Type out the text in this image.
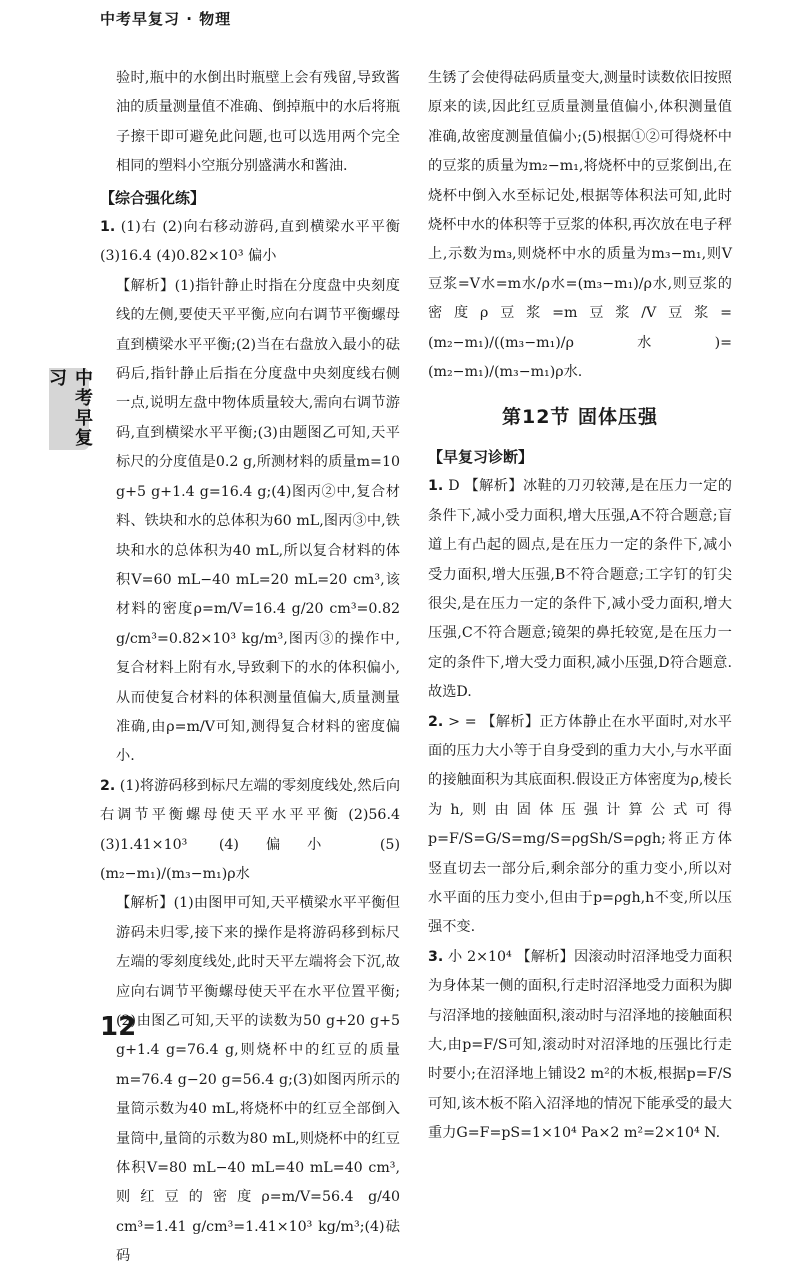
中考早复习 · 物理
中考早复习

验时,瓶中的水倒出时瓶壁上会有残留,导致酱油的质量测量值不准确、倒掉瓶中的水后将瓶子擦干即可避免此问题,也可以选用两个完全相同的塑料小空瓶分别盛满水和酱油.

【综合强化练】

1. (1)右 (2)向右移动游码,直到横梁水平平衡 (3)16.4 (4)0.82×10³ 偏小

【解析】(1)指针静止时指在分度盘中央刻度线的左侧,要使天平平衡,应向右调节平衡螺母直到横梁水平平衡;(2)当在右盘放入最小的砝码后,指针静止后指在分度盘中央刻度线右侧一点,说明左盘中物体质量较大,需向右调节游码,直到横梁水平平衡;(3)由题图乙可知,天平标尺的分度值是0.2 g,所测材料的质量m=10 g+5 g+1.4 g=16.4 g;(4)图丙②中,复合材料、铁块和水的总体积为60 mL,图丙③中,铁块和水的总体积为40 mL,所以复合材料的体积V=60 mL−40 mL=20 mL=20 cm³,该材料的密度ρ=m/V=16.4 g/20 cm³=0.82 g/cm³=0.82×10³ kg/m³,图丙③的操作中,复合材料上附有水,导致剩下的水的体积偏小,从而使复合材料的体积测量值偏大,质量测量准确,由ρ=m/V可知,测得复合材料的密度偏小.

2. (1)将游码移到标尺左端的零刻度线处,然后向右调节平衡螺母使天平水平平衡 (2)56.4 (3)1.41×10³ (4)偏小 (5)(m₂−m₁)/(m₃−m₁)ρ水

【解析】(1)由图甲可知,天平横梁水平平衡但游码未归零,接下来的操作是将游码移到标尺左端的零刻度线处,此时天平左端将会下沉,故应向右调节平衡螺母使天平在水平位置平衡;(2)由图乙可知,天平的读数为50 g+20 g+5 g+1.4 g=76.4 g,则烧杯中的红豆的质量m=76.4 g−20 g=56.4 g;(3)如图丙所示的量筒示数为40 mL,将烧杯中的红豆全部倒入量筒中,量筒的示数为80 mL,则烧杯中的红豆体积V=80 mL−40 mL=40 mL=40 cm³,则红豆的密度ρ=m/V=56.4 g/40 cm³=1.41 g/cm³=1.41×10³ kg/m³;(4)砝码

生锈了会使得砝码质量变大,测量时读数依旧按照原来的读,因此红豆质量测量值偏小,体积测量值准确,故密度测量值偏小;(5)根据①②可得烧杯中的豆浆的质量为m₂−m₁,将烧杯中的豆浆倒出,在烧杯中倒入水至标记处,根据等体积法可知,此时烧杯中水的体积等于豆浆的体积,再次放在电子秤上,示数为m₃,则烧杯中水的质量为m₃−m₁,则V豆浆=V水=m水/ρ水=(m₃−m₁)/ρ水,则豆浆的密度ρ豆浆=m豆浆/V豆浆=(m₂−m₁)/((m₃−m₁)/ρ水)=(m₂−m₁)/(m₃−m₁)ρ水.

第12节 固体压强
【早复习诊断】

1. D 【解析】冰鞋的刀刃较薄,是在压力一定的条件下,减小受力面积,增大压强,A不符合题意;盲道上有凸起的圆点,是在压力一定的条件下,减小受力面积,增大压强,B不符合题意;工字钉的钉尖很尖,是在压力一定的条件下,减小受力面积,增大压强,C不符合题意;镜架的鼻托较宽,是在压力一定的条件下,增大受力面积,减小压强,D符合题意.故选D.

2. > = 【解析】正方体静止在水平面时,对水平面的压力大小等于自身受到的重力大小,与水平面的接触面积为其底面积.假设正方体密度为ρ,棱长为h,则由固体压强计算公式可得p=F/S=G/S=mg/S=ρgSh/S=ρgh;将正方体竖直切去一部分后,剩余部分的重力变小,所以对水平面的压力变小,但由于p=ρgh,h不变,所以压强不变.

3. 小 2×10⁴ 【解析】因滚动时沼泽地受力面积为身体某一侧的面积,行走时沼泽地受力面积为脚与沼泽地的接触面积,滚动时与沼泽地的接触面积大,由p=F/S可知,滚动时对沼泽地的压强比行走时要小;在沼泽地上铺设2 m²的木板,根据p=F/S可知,该木板不陷入沼泽地的情况下能承受的最大重力G=F=pS=1×10⁴ Pa×2 m²=2×10⁴ N.

12
